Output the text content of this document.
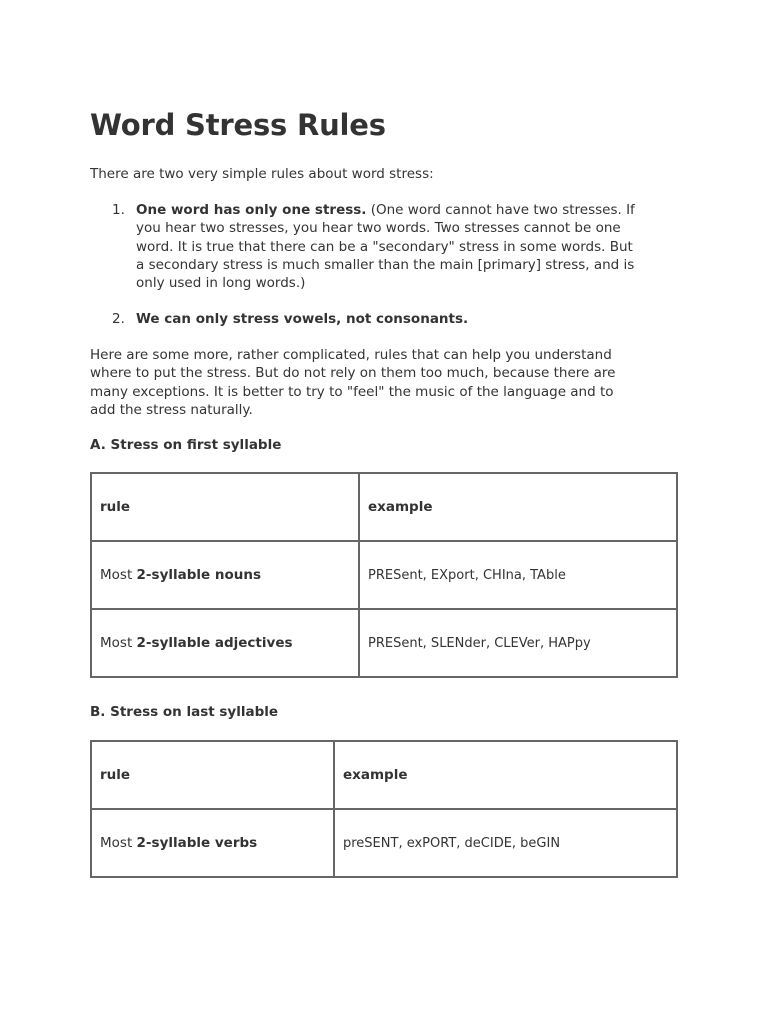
Word Stress Rules

There are two very simple rules about word stress:

1. One word has only one stress. (One word cannot have two stresses. If
you hear two stresses, you hear two words. Two stresses cannot be one
word. It is true that there can be a "secondary" stress in some words. But
a secondary stress is much smaller than the main [primary] stress, and is
only used in long words.)
2. We can only stress vowels, not consonants.
Here are some more, rather complicated, rules that can help you understand
where to put the stress. But do not rely on them too much, because there are
many exceptions. It is better to try to "feel" the music of the language and to
add the stress naturally.

A. Stress on first syllable

rule	example
Most 2-syllable nouns	PRESent, EXport, CHIna, TAble
Most 2-syllable adjectives	PRESent, SLENder, CLEVer, HAPpy

B. Stress on last syllable

rule	example
Most 2-syllable verbs	preSENT, exPORT, deCIDE, beGIN
